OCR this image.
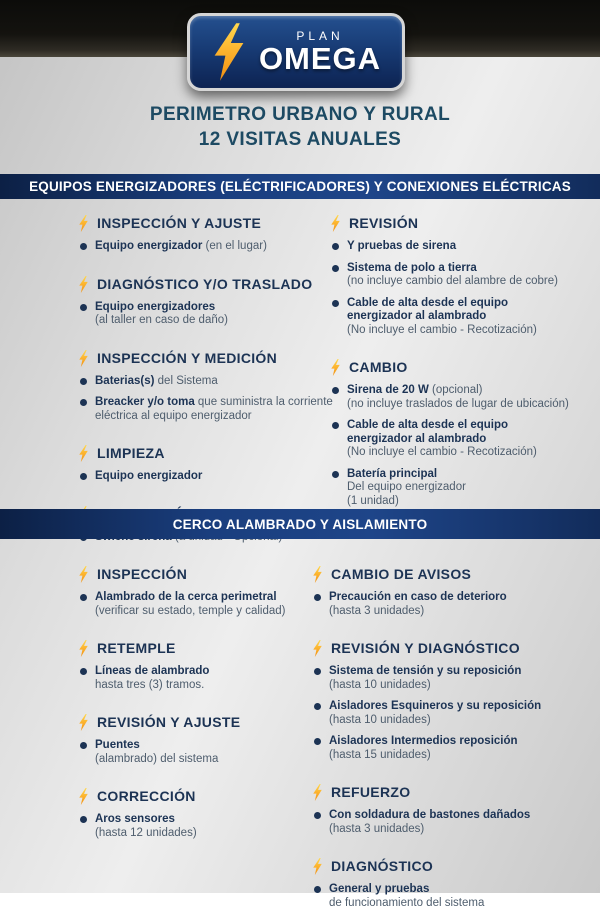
PLAN
OMEGA
PERIMETRO URBANO Y RURAL
12 VISITAS ANUALES
EQUIPOS ENERGIZADORES (ELÉCTRIFICADORES) Y CONEXIONES ELÉCTRICAS
INSPECCIÓN Y AJUSTE
Equipo energizador (en el lugar)
DIAGNÓSTICO Y/O TRASLADO
Equipo energizadores
(al taller en caso de daño)
INSPECCIÓN Y MEDICIÓN
Baterias(s) del Sistema
Breacker y/o toma que suministra la corriente
eléctrica al equipo energizador
LIMPIEZA
Equipo energizador
REVISIÓN
Y pruebas de sirena
Sistema de polo a tierra
(no incluye cambio del alambre de cobre)
Cable de alta desde el equipo
energizador al alambrado
(No incluye el cambio - Recotización)
CAMBIO
Sirena de 20 W (opcional)
(no incluye traslados de lugar de ubicación)
Cable de alta desde el equipo
energizador al alambrado
(No incluye el cambio - Recotización)
Batería principal
Del equipo energizador
(1 unidad)
CERCO ALAMBRADO Y AISLAMIENTO
INSPECCIÓN
Alambrado de la cerca perimetral
(verificar su estado, temple y calidad)
RETEMPLE
Líneas de alambrado
hasta tres (3) tramos.
REVISIÓN Y AJUSTE
Puentes
(alambrado) del sistema
CORRECCIÓN
Aros sensores
(hasta 12 unidades)
CAMBIO DE AVISOS
Precaución en caso de deterioro
(hasta 3 unidades)
REVISIÓN Y DIAGNÓSTICO
Sistema de tensión y su reposición
(hasta 10 unidades)
Aisladores Esquineros y su reposición
(hasta 10 unidades)
Aisladores Intermedios reposición
(hasta 15 unidades)
REFUERZO
Con soldadura de bastones dañados
(hasta 3 unidades)
DIAGNÓSTICO
General y pruebas
de funcionamiento del sistema
